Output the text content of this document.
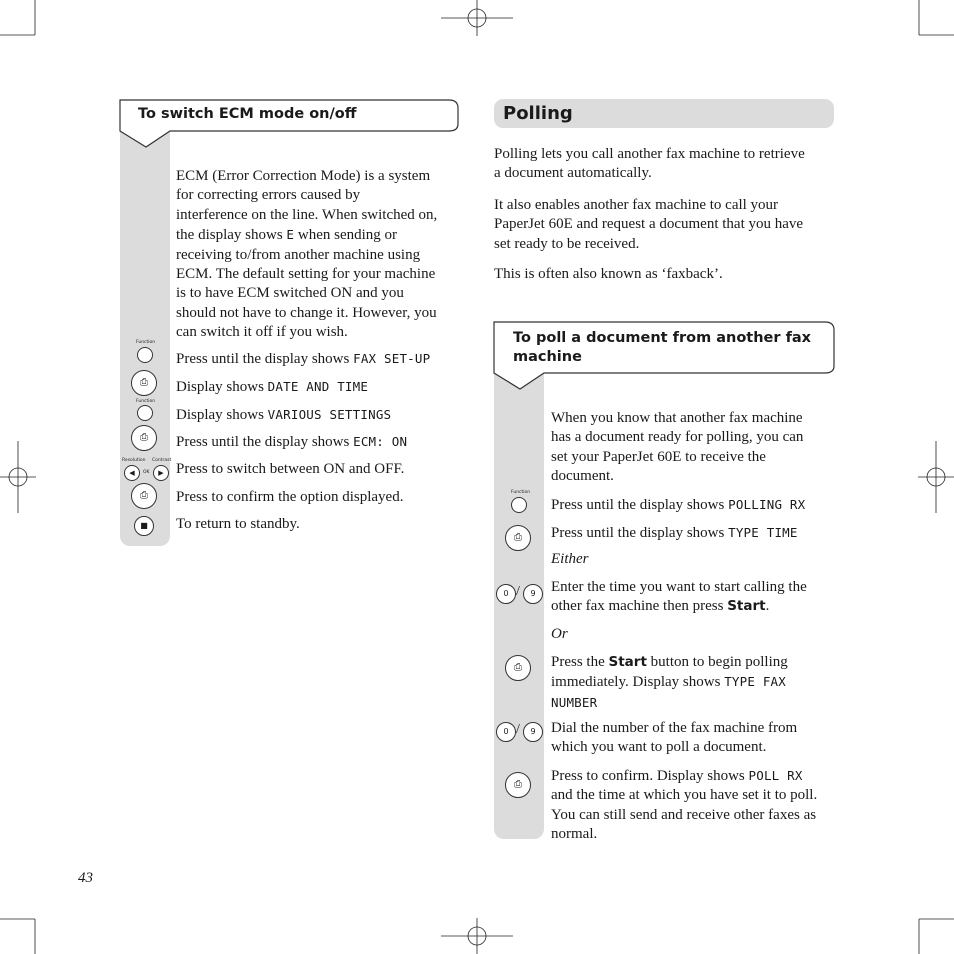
To switch ECM mode on/off
ECM (Error Correction Mode) is a system
for correcting errors caused by
interference on the line. When switched on,
the display shows E when sending or
receiving to/from another machine using
ECM. The default setting for your machine
is to have ECM switched ON and you
should not have to change it. However, you
can switch it off if you wish.
Function
⎙
Function
⎙
Resolution Contrast
◀ OK ▶
⎙
■
Press until the display shows FAX SET-UP
Display shows DATE AND TIME
Display shows VARIOUS SETTINGS
Press until the display shows ECM: ON
Press to switch between ON and OFF.
Press to confirm the option displayed.
To return to standby.
Polling
Polling lets you call another fax machine to retrieve
a document automatically.
It also enables another fax machine to call your
PaperJet 60E and request a document that you have
set ready to be received.
This is often also known as ‘faxback’.
To poll a document from another fax
machine
When you know that another fax machine
has a document ready for polling, you can
set your PaperJet 60E to receive the
document.
Function
⎙
0 /	9
⎙
0 /	9
⎙
Press until the display shows POLLING RX
Press until the display shows TYPE TIME
Either
Enter the time you want to start calling the
other fax machine then press Start.
Or
Press the Start button to begin polling
immediately. Display shows TYPE FAX
NUMBER
Dial the number of the fax machine from
which you want to poll a document.
Press to confirm. Display shows POLL RX
and the time at which you have set it to poll.
You can still send and receive other faxes as
normal.
43
